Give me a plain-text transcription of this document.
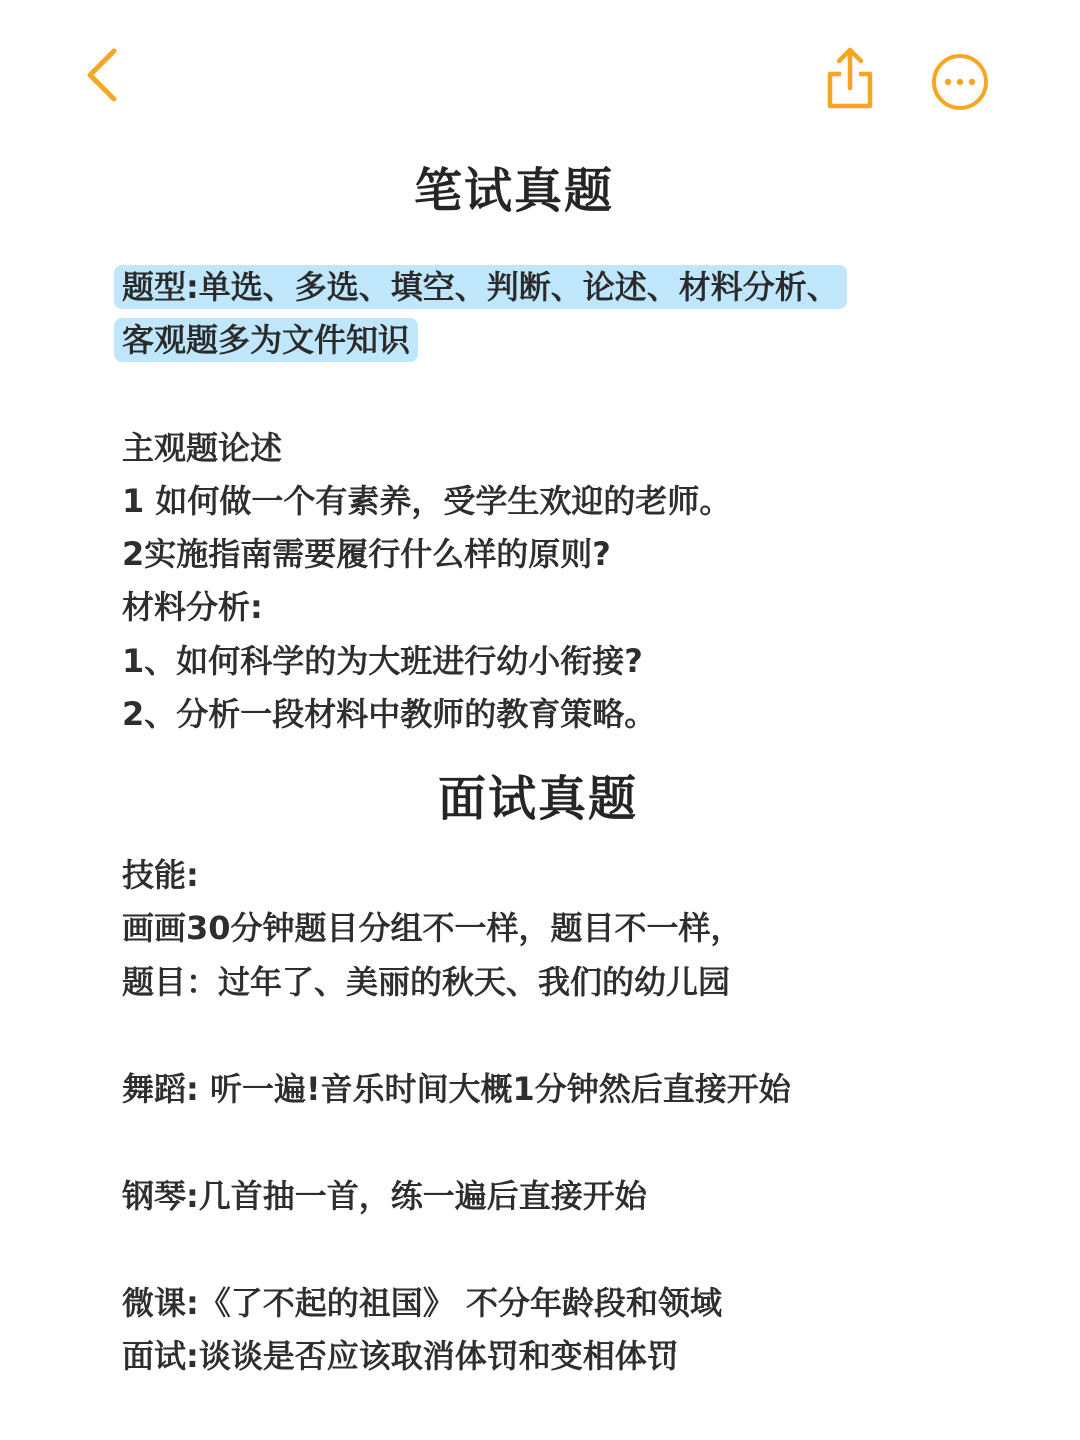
笔试真题
题型:单选、多选、填空、判断、论述、材料分析、
客观题多为文件知识

主观题论述

1 如何做一个有素养，受学生欢迎的老师。

2实施指南需要履行什么样的原则?

材料分析:

1、如何科学的为大班进行幼小衔接?

2、分析一段材料中教师的教育策略。

面试真题

技能:

画画30分钟题目分组不一样，题目不一样，

题目：过年了、美丽的秋天、我们的幼儿园

舞蹈: 听一遍!音乐时间大概1分钟然后直接开始

钢琴:几首抽一首，练一遍后直接开始

微课:《了不起的祖国》 不分年龄段和领域

面试:谈谈是否应该取消体罚和变相体罚
